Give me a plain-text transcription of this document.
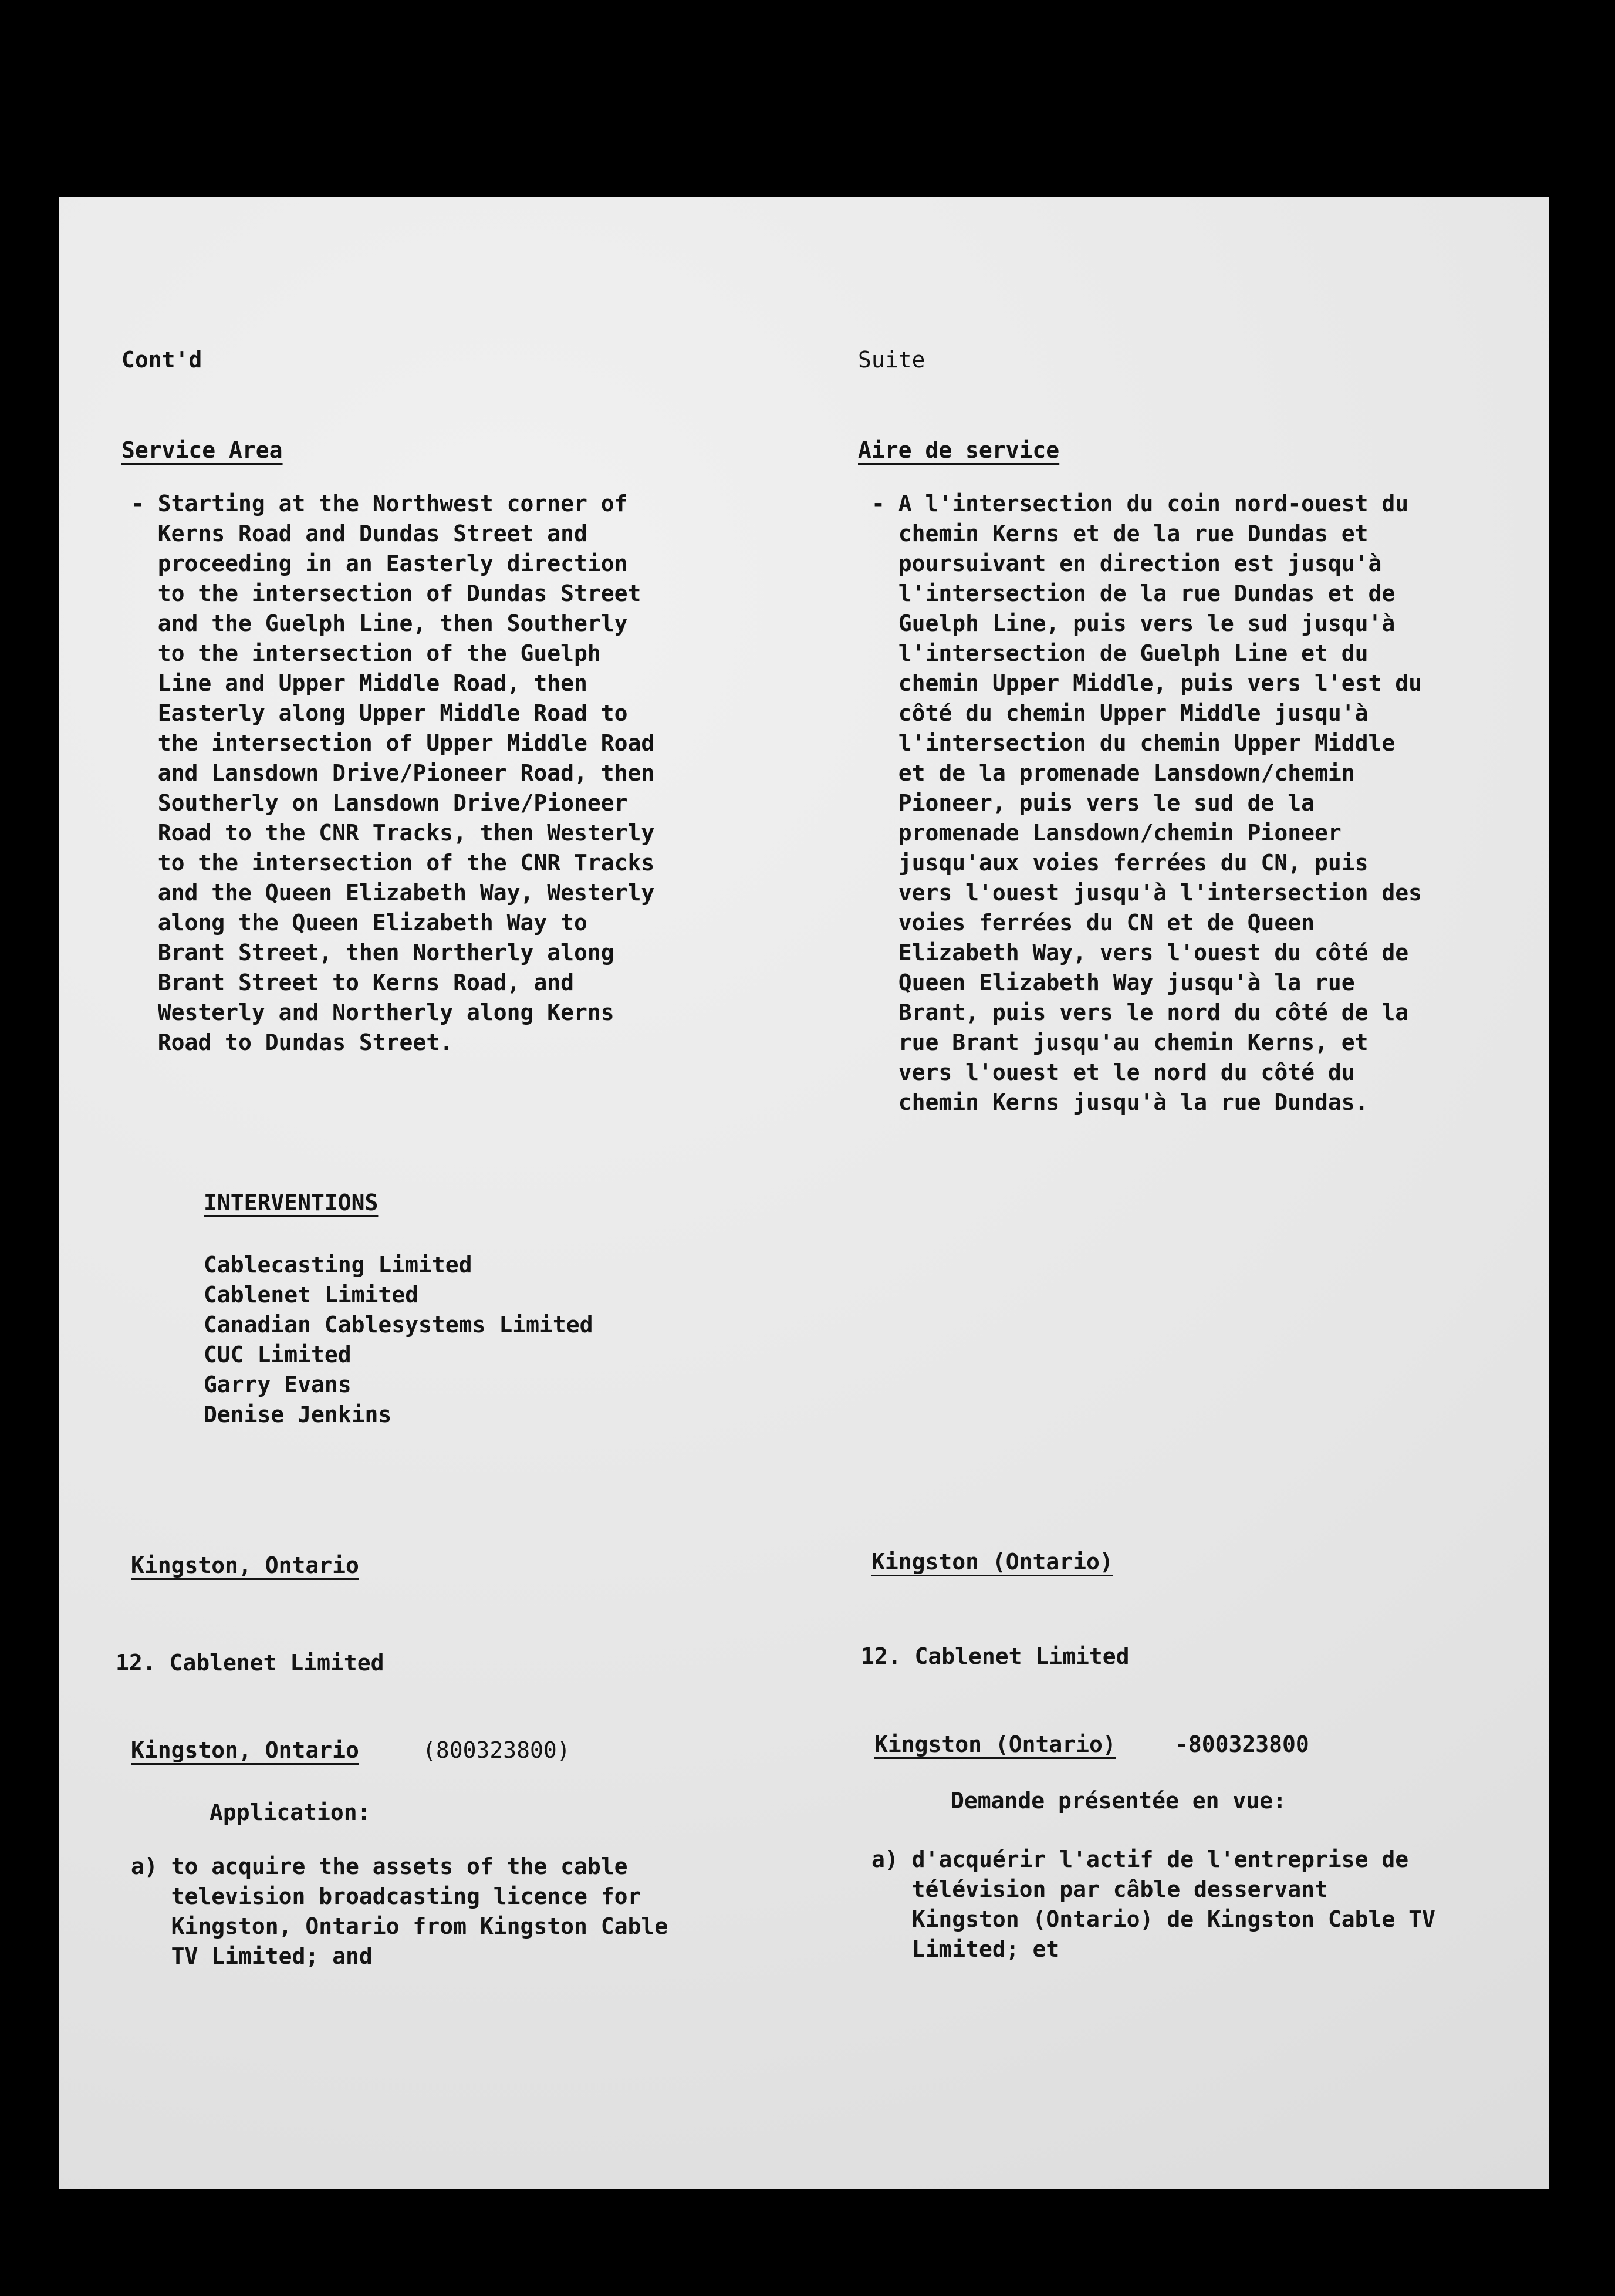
Cont'd
Service Area
- Starting at the Northwest corner of
Kerns Road and Dundas Street and
proceeding in an Easterly direction
to the intersection of Dundas Street
and the Guelph Line, then Southerly
to the intersection of the Guelph
Line and Upper Middle Road, then
Easterly along Upper Middle Road to
the intersection of Upper Middle Road
and Lansdown Drive/Pioneer Road, then
Southerly on Lansdown Drive/Pioneer
Road to the CNR Tracks, then Westerly
to the intersection of the CNR Tracks
and the Queen Elizabeth Way, Westerly
along the Queen Elizabeth Way to
Brant Street, then Northerly along
Brant Street to Kerns Road, and
Westerly and Northerly along Kerns
Road to Dundas Street.
INTERVENTIONS
Cablecasting Limited
Cablenet Limited
Canadian Cablesystems Limited
CUC Limited
Garry Evans
Denise Jenkins
Kingston, Ontario
12. Cablenet Limited
Kingston, Ontario	(800323800)
Application:
a) to acquire the assets of the cable
television broadcasting licence for
Kingston, Ontario from Kingston Cable
TV Limited; and
Suite
Aire de service
- A l'intersection du coin nord-ouest du
chemin Kerns et de la rue Dundas et
poursuivant en direction est jusqu'à
l'intersection de la rue Dundas et de
Guelph Line, puis vers le sud jusqu'à
l'intersection de Guelph Line et du
chemin Upper Middle, puis vers l'est du
côté du chemin Upper Middle jusqu'à
l'intersection du chemin Upper Middle
et de la promenade Lansdown/chemin
Pioneer, puis vers le sud de la
promenade Lansdown/chemin Pioneer
jusqu'aux voies ferrées du CN, puis
vers l'ouest jusqu'à l'intersection des
voies ferrées du CN et de Queen
Elizabeth Way, vers l'ouest du côté de
Queen Elizabeth Way jusqu'à la rue
Brant, puis vers le nord du côté de la
rue Brant jusqu'au chemin Kerns, et
vers l'ouest et le nord du côté du
chemin Kerns jusqu'à la rue Dundas.
Kingston (Ontario)
12. Cablenet Limited
Kingston (Ontario)	-800323800
Demande présentée en vue:
a) d'acquérir l'actif de l'entreprise de
télévision par câble desservant
Kingston (Ontario) de Kingston Cable TV
Limited; et
